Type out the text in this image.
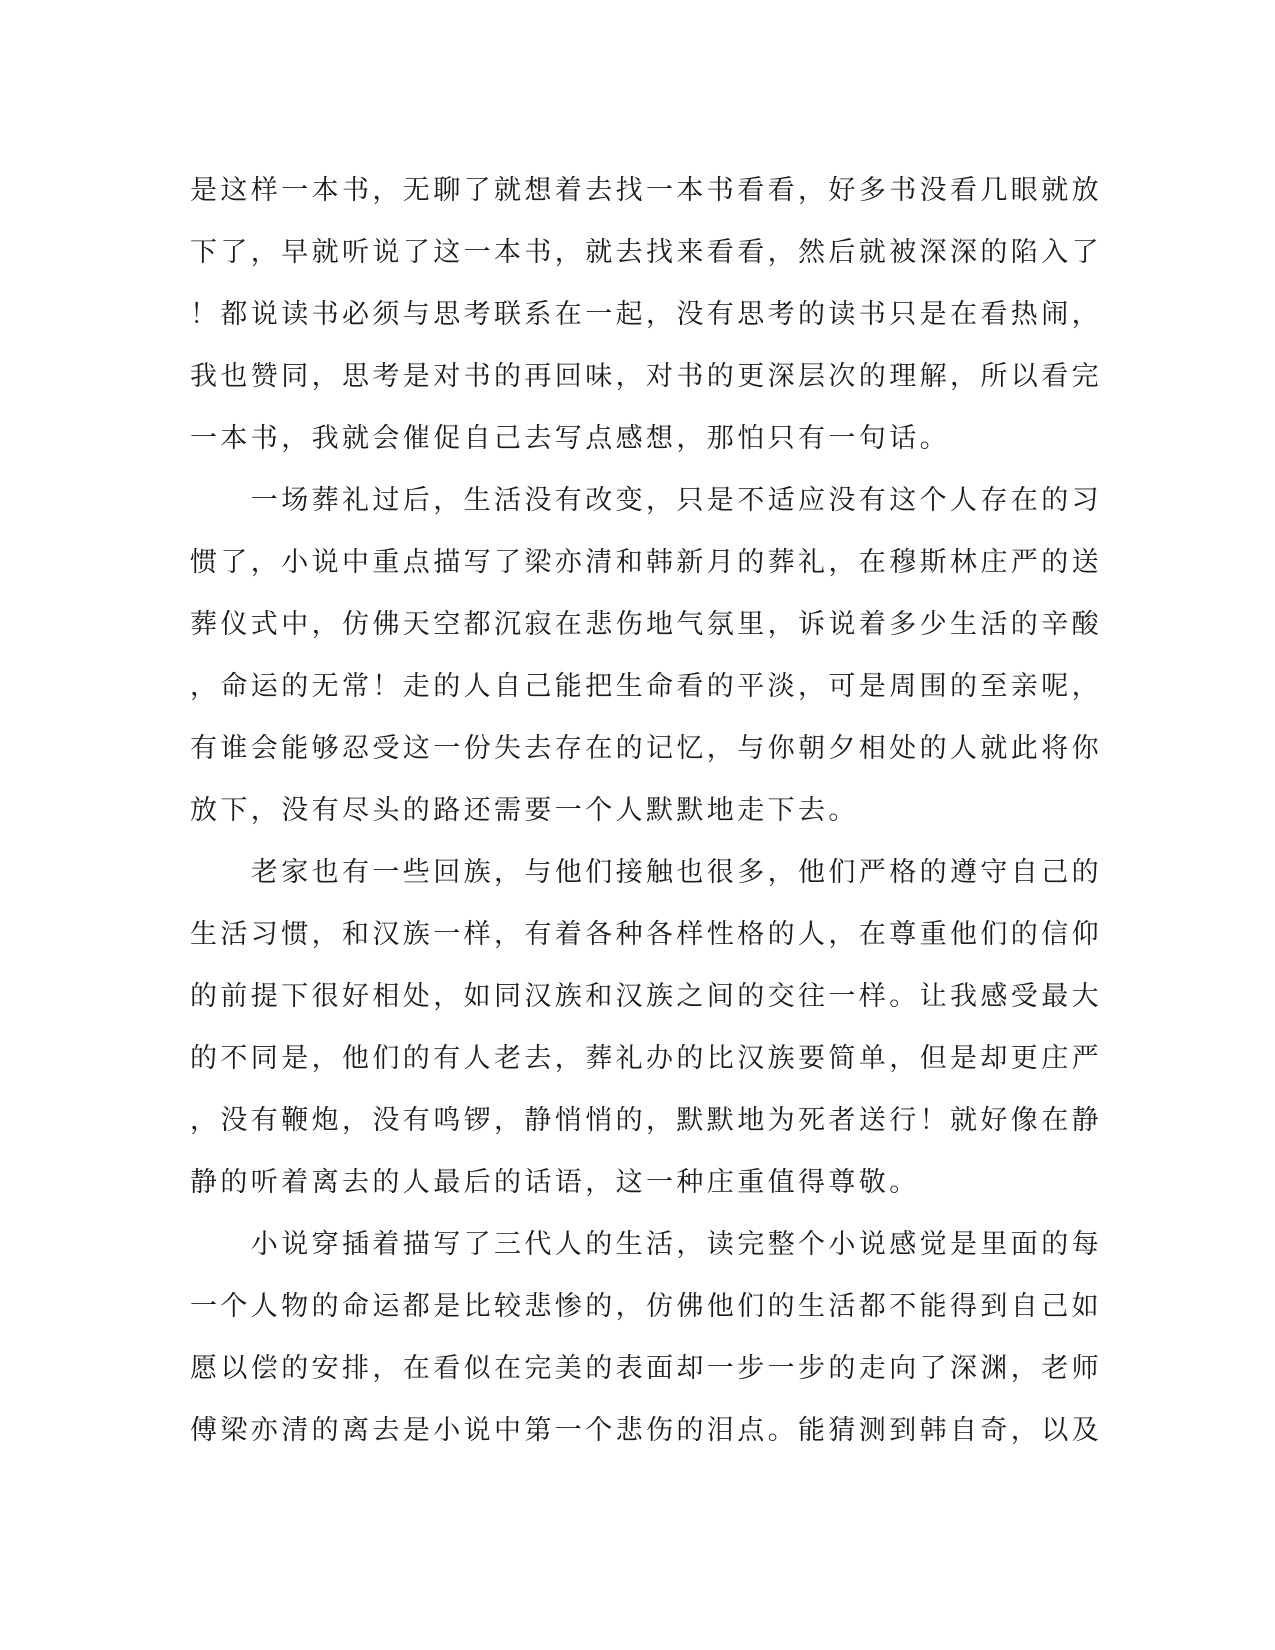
是这样一本书，无聊了就想着去找一本书看看，好多书没看几眼就放
下了，早就听说了这一本书，就去找来看看，然后就被深深的陷入了
！都说读书必须与思考联系在一起，没有思考的读书只是在看热闹，
我也赞同，思考是对书的再回味，对书的更深层次的理解，所以看完
一本书，我就会催促自己去写点感想，那怕只有一句话。
　　一场葬礼过后，生活没有改变，只是不适应没有这个人存在的习
惯了，小说中重点描写了梁亦清和韩新月的葬礼，在穆斯林庄严的送
葬仪式中，仿佛天空都沉寂在悲伤地气氛里，诉说着多少生活的辛酸
，命运的无常！走的人自己能把生命看的平淡，可是周围的至亲呢，
有谁会能够忍受这一份失去存在的记忆，与你朝夕相处的人就此将你
放下，没有尽头的路还需要一个人默默地走下去。
　　老家也有一些回族，与他们接触也很多，他们严格的遵守自己的
生活习惯，和汉族一样，有着各种各样性格的人，在尊重他们的信仰
的前提下很好相处，如同汉族和汉族之间的交往一样。让我感受最大
的不同是，他们的有人老去，葬礼办的比汉族要简单，但是却更庄严
，没有鞭炮，没有鸣锣，静悄悄的，默默地为死者送行！就好像在静
静的听着离去的人最后的话语，这一种庄重值得尊敬。
　　小说穿插着描写了三代人的生活，读完整个小说感觉是里面的每
一个人物的命运都是比较悲惨的，仿佛他们的生活都不能得到自己如
愿以偿的安排，在看似在完美的表面却一步一步的走向了深渊，老师
傅梁亦清的离去是小说中第一个悲伤的泪点。能猜测到韩自奇，以及
